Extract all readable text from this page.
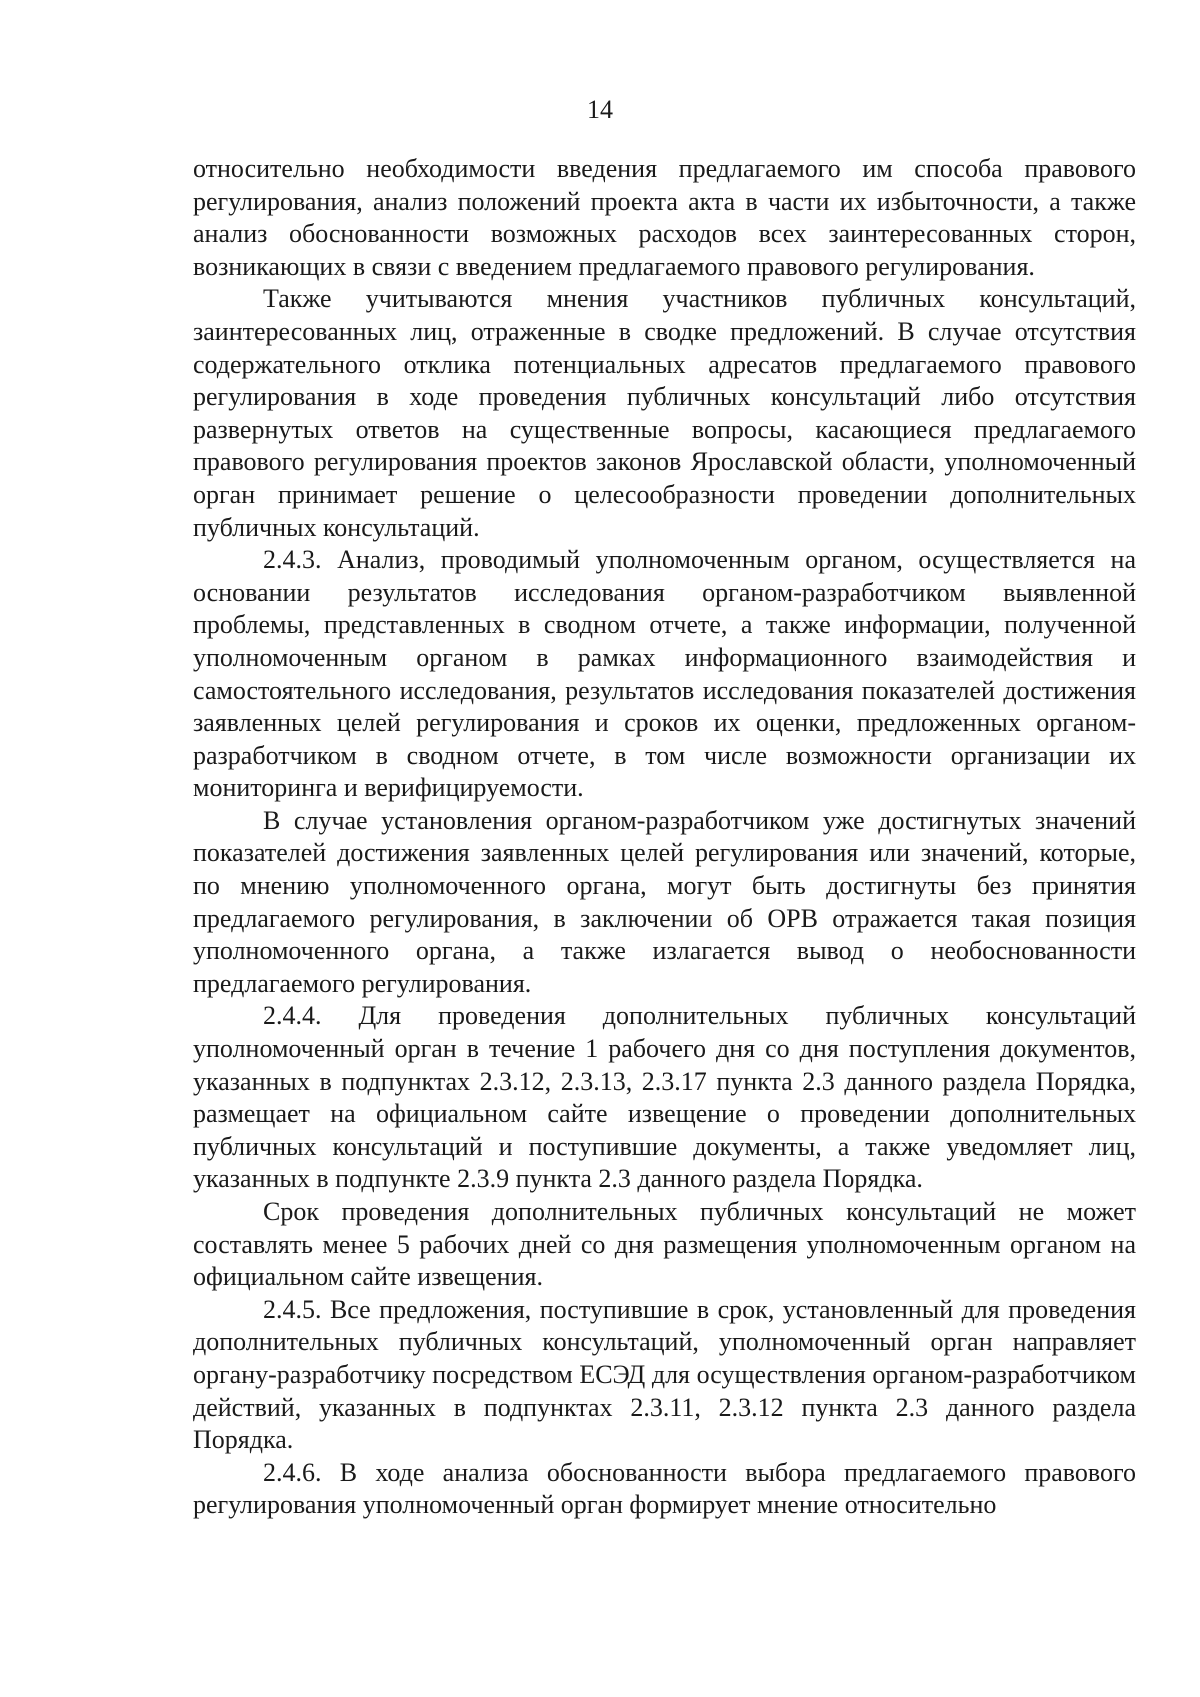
14

относительно необходимости введения предлагаемого им способа правового регулирования, анализ положений проекта акта в части их избыточности, а также анализ обоснованности возможных расходов всех заинтересованных сторон, возникающих в связи с введением предлагаемого правового регулирования.

Также учитываются мнения участников публичных консультаций, заинтересованных лиц, отраженные в сводке предложений. В случае отсутствия содержательного отклика потенциальных адресатов предлагаемого правового регулирования в ходе проведения публичных консультаций либо отсутствия развернутых ответов на существенные вопросы, касающиеся предлагаемого правового регулирования проектов законов Ярославской области, уполномоченный орган принимает решение о целесообразности проведении дополнительных публичных консультаций.

2.4.3. Анализ, проводимый уполномоченным органом, осуществляется на основании результатов исследования органом-разработчиком выявленной проблемы, представленных в сводном отчете, а также информации, полученной уполномоченным органом в рамках информационного взаимодействия и самостоятельного исследования, результатов исследования показателей достижения заявленных целей регулирования и сроков их оценки, предложенных органом-разработчиком в сводном отчете, в том числе возможности организации их мониторинга и верифицируемости.

В случае установления органом-разработчиком уже достигнутых значений показателей достижения заявленных целей регулирования или значений, которые, по мнению уполномоченного органа, могут быть достигнуты без принятия предлагаемого регулирования, в заключении об ОРВ отражается такая позиция уполномоченного органа, а также излагается вывод о необоснованности предлагаемого регулирования.

2.4.4. Для проведения дополнительных публичных консультаций уполномоченный орган в течение 1 рабочего дня со дня поступления документов, указанных в подпунктах 2.3.12, 2.3.13, 2.3.17 пункта 2.3 данного раздела Порядка, размещает на официальном сайте извещение о проведении дополнительных публичных консультаций и поступившие документы, а также уведомляет лиц, указанных в подпункте 2.3.9 пункта 2.3 данного раздела Порядка.

Срок проведения дополнительных публичных консультаций не может составлять менее 5 рабочих дней со дня размещения уполномоченным органом на официальном сайте извещения.

2.4.5. Все предложения, поступившие в срок, установленный для проведения дополнительных публичных консультаций, уполномоченный орган направляет органу-разработчику посредством ЕСЭД для осуществления органом-разработчиком действий, указанных в подпунктах 2.3.11, 2.3.12 пункта 2.3 данного раздела Порядка.

2.4.6. В ходе анализа обоснованности выбора предлагаемого правового регулирования уполномоченный орган формирует мнение относительно
